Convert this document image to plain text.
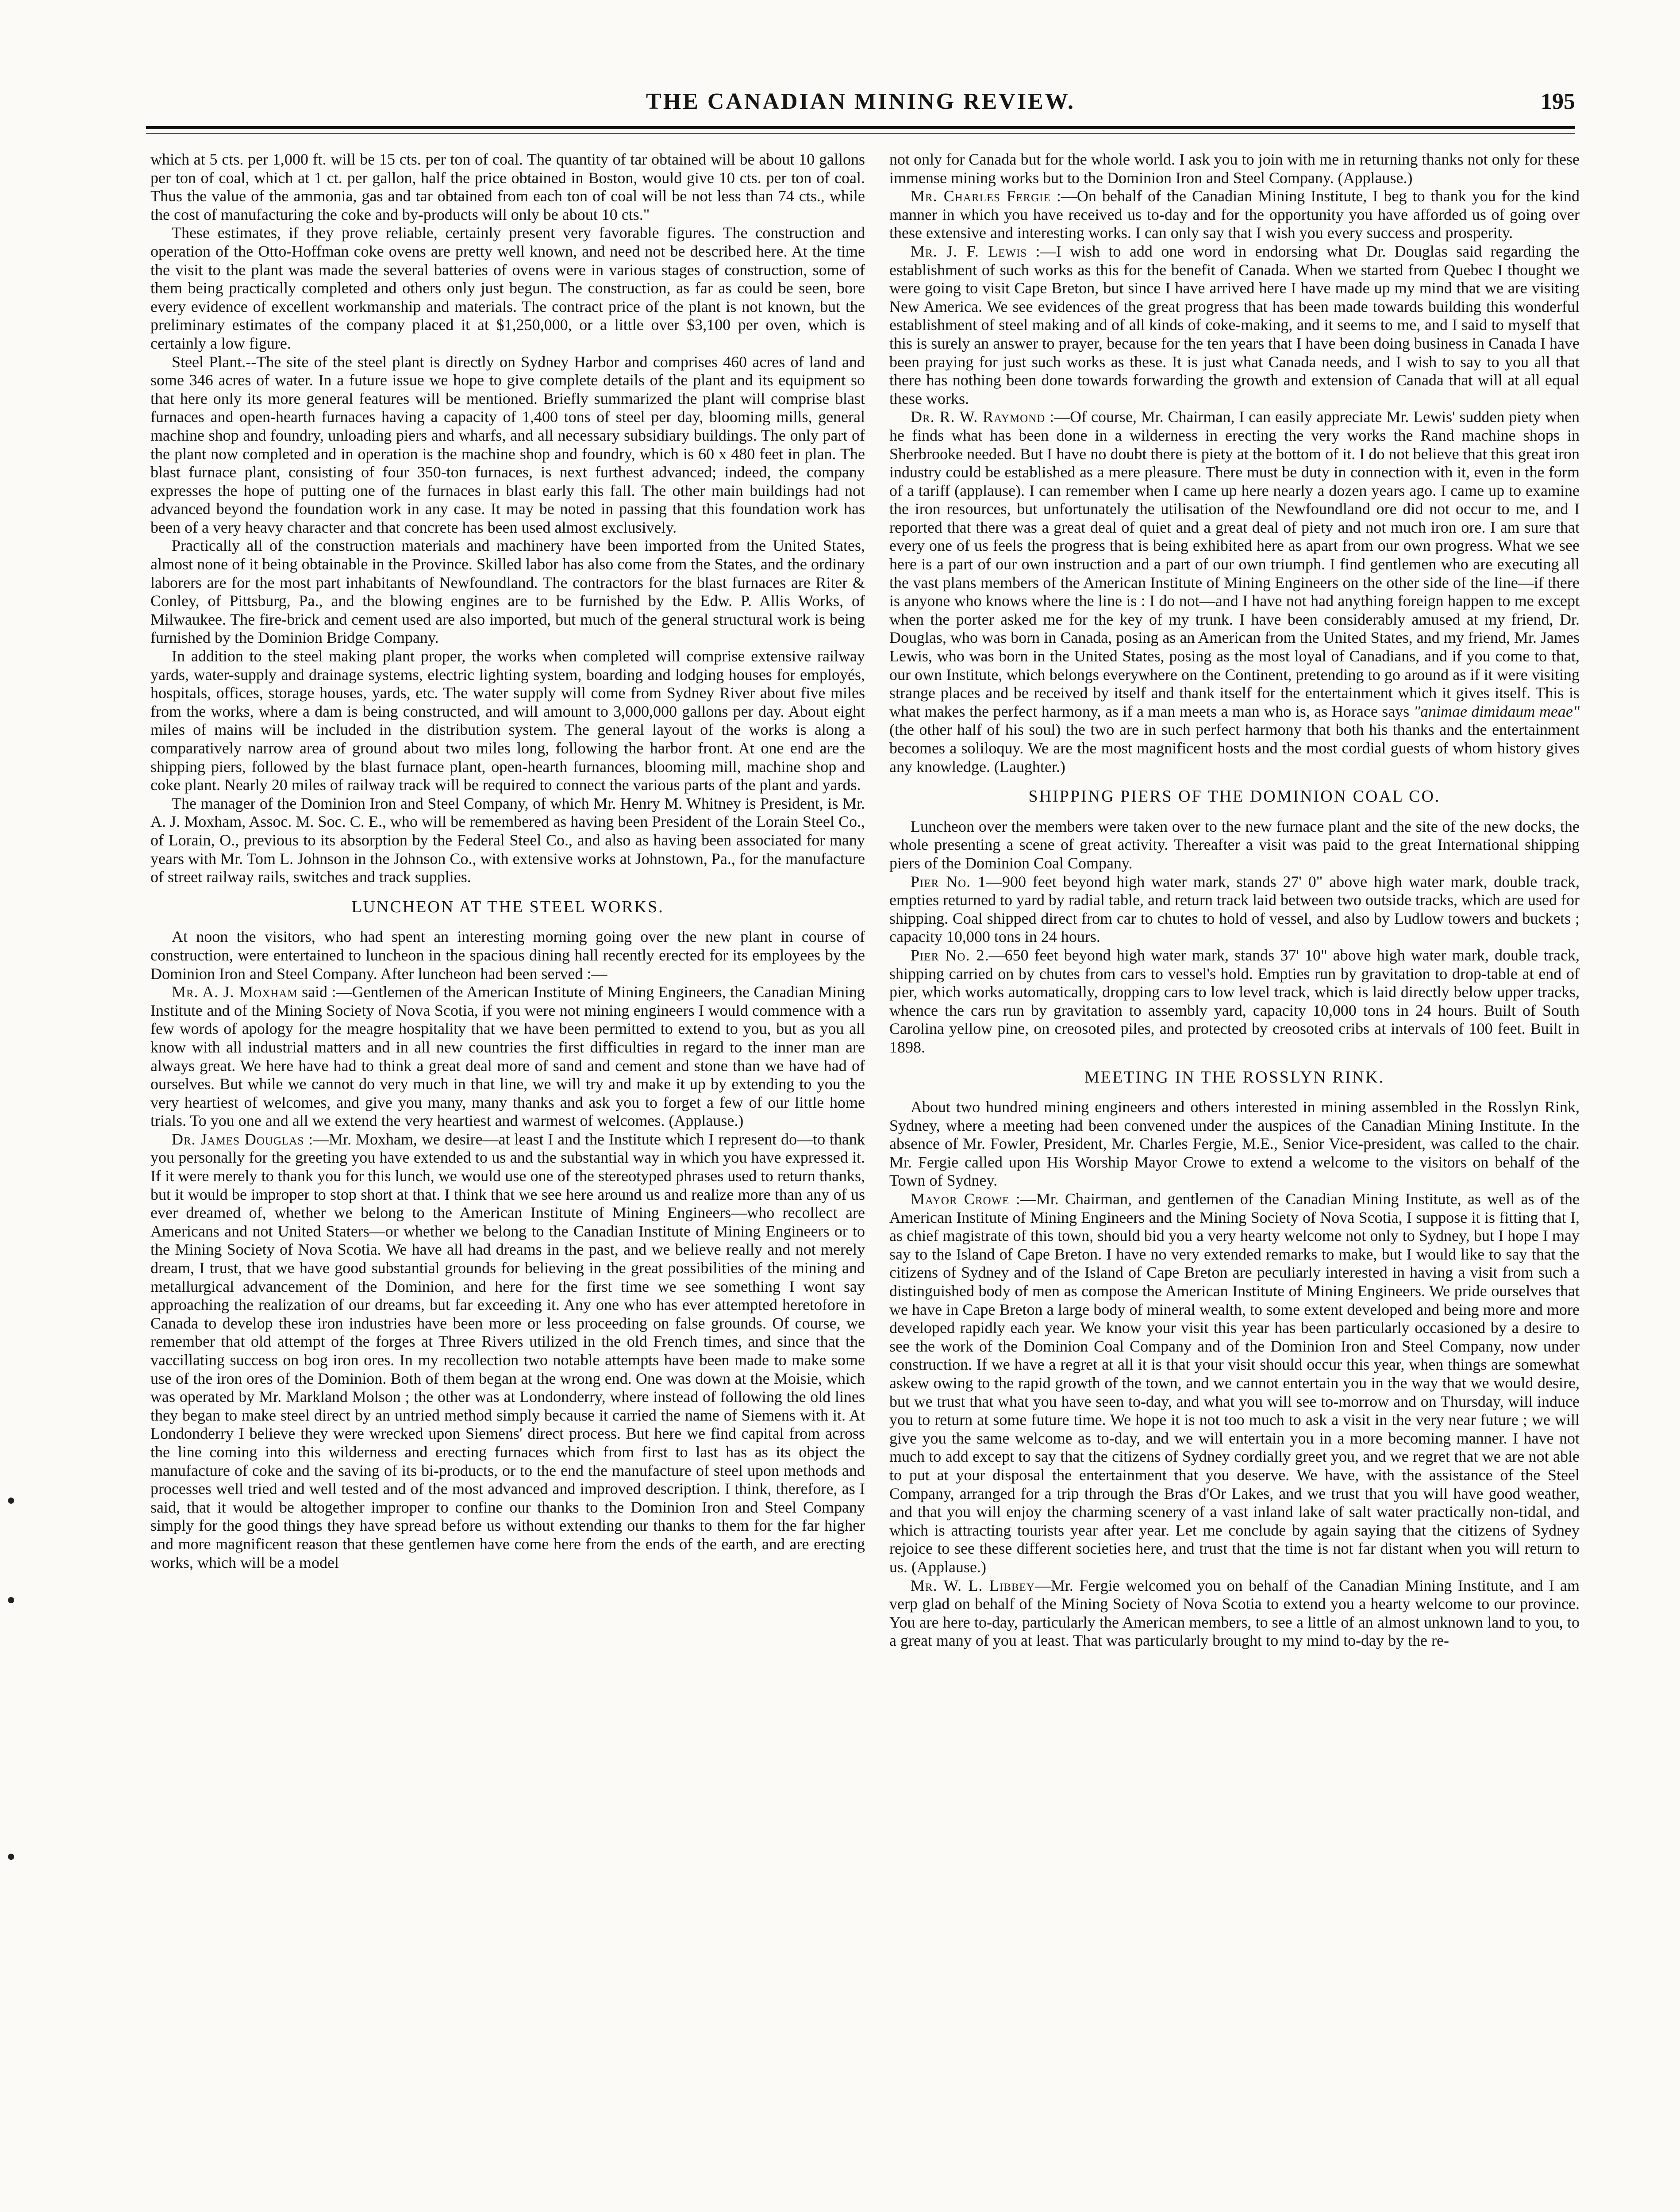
THE CANADIAN MINING REVIEW.	195

which at 5 cts. per 1,000 ft. will be 15 cts. per ton of coal. The quantity of tar obtained will be about 10 gallons per ton of coal, which at 1 ct. per gallon, half the price obtained in Boston, would give 10 cts. per ton of coal. Thus the value of the ammonia, gas and tar obtained from each ton of coal will be not less than 74 cts., while the cost of manufacturing the coke and by-products will only be about 10 cts."

These estimates, if they prove reliable, certainly present very favorable figures. The construction and operation of the Otto-Hoffman coke ovens are pretty well known, and need not be described here. At the time the visit to the plant was made the several batteries of ovens were in various stages of construction, some of them being practically completed and others only just begun. The construction, as far as could be seen, bore every evidence of excellent workmanship and materials. The contract price of the plant is not known, but the preliminary estimates of the company placed it at $1,250,000, or a little over $3,100 per oven, which is certainly a low figure.

Steel Plant.--The site of the steel plant is directly on Sydney Harbor and comprises 460 acres of land and some 346 acres of water. In a future issue we hope to give complete details of the plant and its equipment so that here only its more general features will be mentioned. Briefly summarized the plant will comprise blast furnaces and open-hearth furnaces having a capacity of 1,400 tons of steel per day, blooming mills, general machine shop and foundry, unloading piers and wharfs, and all necessary subsidiary buildings. The only part of the plant now completed and in operation is the machine shop and foundry, which is 60 x 480 feet in plan. The blast furnace plant, consisting of four 350-ton furnaces, is next furthest advanced; indeed, the company expresses the hope of putting one of the furnaces in blast early this fall. The other main buildings had not advanced beyond the foundation work in any case. It may be noted in passing that this foundation work has been of a very heavy character and that concrete has been used almost exclusively.

Practically all of the construction materials and machinery have been imported from the United States, almost none of it being obtainable in the Province. Skilled labor has also come from the States, and the ordinary laborers are for the most part inhabitants of Newfoundland. The contractors for the blast furnaces are Riter & Conley, of Pittsburg, Pa., and the blowing engines are to be furnished by the Edw. P. Allis Works, of Milwaukee. The fire-brick and cement used are also imported, but much of the general structural work is being furnished by the Dominion Bridge Company.

In addition to the steel making plant proper, the works when completed will comprise extensive railway yards, water-supply and drainage systems, electric lighting system, boarding and lodging houses for employés, hospitals, offices, storage houses, yards, etc. The water supply will come from Sydney River about five miles from the works, where a dam is being constructed, and will amount to 3,000,000 gallons per day. About eight miles of mains will be included in the distribution system. The general layout of the works is along a comparatively narrow area of ground about two miles long, following the harbor front. At one end are the shipping piers, followed by the blast furnace plant, open-hearth furnances, blooming mill, machine shop and coke plant. Nearly 20 miles of railway track will be required to connect the various parts of the plant and yards.

The manager of the Dominion Iron and Steel Company, of which Mr. Henry M. Whitney is President, is Mr. A. J. Moxham, Assoc. M. Soc. C. E., who will be remembered as having been President of the Lorain Steel Co., of Lorain, O., previous to its absorption by the Federal Steel Co., and also as having been associated for many years with Mr. Tom L. Johnson in the Johnson Co., with extensive works at Johnstown, Pa., for the manufacture of street railway rails, switches and track supplies.

LUNCHEON AT THE STEEL WORKS.

At noon the visitors, who had spent an interesting morning going over the new plant in course of construction, were entertained to luncheon in the spacious dining hall recently erected for its employees by the Dominion Iron and Steel Company. After luncheon had been served :—

Mr. A. J. Moxham said :—Gentlemen of the American Institute of Mining Engineers, the Canadian Mining Institute and of the Mining Society of Nova Scotia, if you were not mining engineers I would commence with a few words of apology for the meagre hospitality that we have been permitted to extend to you, but as you all know with all industrial matters and in all new countries the first difficulties in regard to the inner man are always great. We here have had to think a great deal more of sand and cement and stone than we have had of ourselves. But while we cannot do very much in that line, we will try and make it up by extending to you the very heartiest of welcomes, and give you many, many thanks and ask you to forget a few of our little home trials. To you one and all we extend the very heartiest and warmest of welcomes. (Applause.)

Dr. James Douglas :—Mr. Moxham, we desire—at least I and the Institute which I represent do—to thank you personally for the greeting you have extended to us and the substantial way in which you have expressed it. If it were merely to thank you for this lunch, we would use one of the stereotyped phrases used to return thanks, but it would be improper to stop short at that. I think that we see here around us and realize more than any of us ever dreamed of, whether we belong to the American Institute of Mining Engineers—who recollect are Americans and not United Staters—or whether we belong to the Canadian Institute of Mining Engineers or to the Mining Society of Nova Scotia. We have all had dreams in the past, and we believe really and not merely dream, I trust, that we have good substantial grounds for believing in the great possibilities of the mining and metallurgical advancement of the Dominion, and here for the first time we see something I wont say approaching the realization of our dreams, but far exceeding it. Any one who has ever attempted heretofore in Canada to develop these iron industries have been more or less proceeding on false grounds. Of course, we remember that old attempt of the forges at Three Rivers utilized in the old French times, and since that the vaccillating success on bog iron ores. In my recollection two notable attempts have been made to make some use of the iron ores of the Dominion. Both of them began at the wrong end. One was down at the Moisie, which was operated by Mr. Markland Molson ; the other was at Londonderry, where instead of following the old lines they began to make steel direct by an untried method simply because it carried the name of Siemens with it. At Londonderry I believe they were wrecked upon Siemens' direct process. But here we find capital from across the line coming into this wilderness and erecting furnaces which from first to last has as its object the manufacture of coke and the saving of its bi-products, or to the end the manufacture of steel upon methods and processes well tried and well tested and of the most advanced and improved description. I think, therefore, as I said, that it would be altogether improper to confine our thanks to the Dominion Iron and Steel Company simply for the good things they have spread before us without extending our thanks to them for the far higher and more magnificent reason that these gentlemen have come here from the ends of the earth, and are erecting works, which will be a model

not only for Canada but for the whole world. I ask you to join with me in returning thanks not only for these immense mining works but to the Dominion Iron and Steel Company. (Applause.)

Mr. Charles Fergie :—On behalf of the Canadian Mining Institute, I beg to thank you for the kind manner in which you have received us to-day and for the opportunity you have afforded us of going over these extensive and interesting works. I can only say that I wish you every success and prosperity.

Mr. J. F. Lewis :—I wish to add one word in endorsing what Dr. Douglas said regarding the establishment of such works as this for the benefit of Canada. When we started from Quebec I thought we were going to visit Cape Breton, but since I have arrived here I have made up my mind that we are visiting New America. We see evidences of the great progress that has been made towards building this wonderful establishment of steel making and of all kinds of coke-making, and it seems to me, and I said to myself that this is surely an answer to prayer, because for the ten years that I have been doing business in Canada I have been praying for just such works as these. It is just what Canada needs, and I wish to say to you all that there has nothing been done towards forwarding the growth and extension of Canada that will at all equal these works.

Dr. R. W. Raymond :—Of course, Mr. Chairman, I can easily appreciate Mr. Lewis' sudden piety when he finds what has been done in a wilderness in erecting the very works the Rand machine shops in Sherbrooke needed. But I have no doubt there is piety at the bottom of it. I do not believe that this great iron industry could be established as a mere pleasure. There must be duty in connection with it, even in the form of a tariff (applause). I can remember when I came up here nearly a dozen years ago. I came up to examine the iron resources, but unfortunately the utilisation of the Newfoundland ore did not occur to me, and I reported that there was a great deal of quiet and a great deal of piety and not much iron ore. I am sure that every one of us feels the progress that is being exhibited here as apart from our own progress. What we see here is a part of our own instruction and a part of our own triumph. I find gentlemen who are executing all the vast plans members of the American Institute of Mining Engineers on the other side of the line—if there is anyone who knows where the line is : I do not—and I have not had anything foreign happen to me except when the porter asked me for the key of my trunk. I have been considerably amused at my friend, Dr. Douglas, who was born in Canada, posing as an American from the United States, and my friend, Mr. James Lewis, who was born in the United States, posing as the most loyal of Canadians, and if you come to that, our own Institute, which belongs everywhere on the Continent, pretending to go around as if it were visiting strange places and be received by itself and thank itself for the entertainment which it gives itself. This is what makes the perfect harmony, as if a man meets a man who is, as Horace says "animae dimidaum meae" (the other half of his soul) the two are in such perfect harmony that both his thanks and the entertainment becomes a soliloquy. We are the most magnificent hosts and the most cordial guests of whom history gives any knowledge. (Laughter.)

SHIPPING PIERS OF THE DOMINION COAL CO.

Luncheon over the members were taken over to the new furnace plant and the site of the new docks, the whole presenting a scene of great activity. Thereafter a visit was paid to the great International shipping piers of the Dominion Coal Company.

Pier No. 1—900 feet beyond high water mark, stands 27' 0" above high water mark, double track, empties returned to yard by radial table, and return track laid between two outside tracks, which are used for shipping. Coal shipped direct from car to chutes to hold of vessel, and also by Ludlow towers and buckets ; capacity 10,000 tons in 24 hours.

Pier No. 2.—650 feet beyond high water mark, stands 37' 10" above high water mark, double track, shipping carried on by chutes from cars to vessel's hold. Empties run by gravitation to drop-table at end of pier, which works automatically, dropping cars to low level track, which is laid directly below upper tracks, whence the cars run by gravitation to assembly yard, capacity 10,000 tons in 24 hours. Built of South Carolina yellow pine, on creosoted piles, and protected by creosoted cribs at intervals of 100 feet. Built in 1898.

MEETING IN THE ROSSLYN RINK.

About two hundred mining engineers and others interested in mining assembled in the Rosslyn Rink, Sydney, where a meeting had been convened under the auspices of the Canadian Mining Institute. In the absence of Mr. Fowler, President, Mr. Charles Fergie, M.E., Senior Vice-president, was called to the chair. Mr. Fergie called upon His Worship Mayor Crowe to extend a welcome to the visitors on behalf of the Town of Sydney.

Mayor Crowe :—Mr. Chairman, and gentlemen of the Canadian Mining Institute, as well as of the American Institute of Mining Engineers and the Mining Society of Nova Scotia, I suppose it is fitting that I, as chief magistrate of this town, should bid you a very hearty welcome not only to Sydney, but I hope I may say to the Island of Cape Breton. I have no very extended remarks to make, but I would like to say that the citizens of Sydney and of the Island of Cape Breton are peculiarly interested in having a visit from such a distinguished body of men as compose the American Institute of Mining Engineers. We pride ourselves that we have in Cape Breton a large body of mineral wealth, to some extent developed and being more and more developed rapidly each year. We know your visit this year has been particularly occasioned by a desire to see the work of the Dominion Coal Company and of the Dominion Iron and Steel Company, now under construction. If we have a regret at all it is that your visit should occur this year, when things are somewhat askew owing to the rapid growth of the town, and we cannot entertain you in the way that we would desire, but we trust that what you have seen to-day, and what you will see to-morrow and on Thursday, will induce you to return at some future time. We hope it is not too much to ask a visit in the very near future ; we will give you the same welcome as to-day, and we will entertain you in a more becoming manner. I have not much to add except to say that the citizens of Sydney cordially greet you, and we regret that we are not able to put at your disposal the entertainment that you deserve. We have, with the assistance of the Steel Company, arranged for a trip through the Bras d'Or Lakes, and we trust that you will have good weather, and that you will enjoy the charming scenery of a vast inland lake of salt water practically non-tidal, and which is attracting tourists year after year. Let me conclude by again saying that the citizens of Sydney rejoice to see these different societies here, and trust that the time is not far distant when you will return to us. (Applause.)

Mr. W. L. Libbey—Mr. Fergie welcomed you on behalf of the Canadian Mining Institute, and I am verp glad on behalf of the Mining Society of Nova Scotia to extend you a hearty welcome to our province. You are here to-day, particularly the American members, to see a little of an almost unknown land to you, to a great many of you at least. That was particularly brought to my mind to-day by the re-
